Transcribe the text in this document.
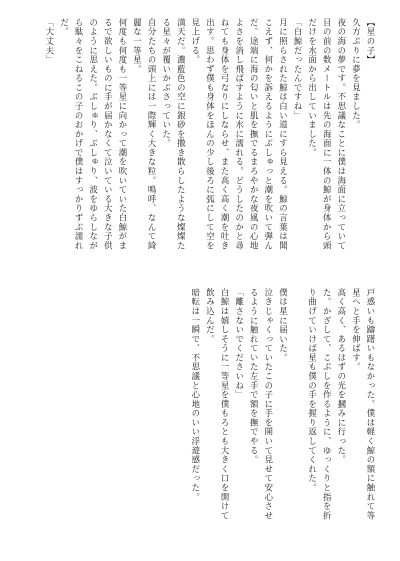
【星の子】

久方ぶりに夢を見ました。

夜の海の夢です。不思議なことに僕は海面に立っていて目の前の数メートルは先の海面に一体の鯨が身体から頭だけを水面から出していました。

「白鯨だったんですね」

月に照らされた鯨は白い道にすら見える。鯨の言葉は聞こえず、何かを訴えるようにぶしゅっと潮を吹いて弾んだ。途端に海の匂いと肌を撫でるまろやかな夜風の心地よさを消し飛ばすように水に濡れる。どうしたのかと尋ねても身体を弓なりにしならせ、また高く高く潮を吐き出す。思わず僕も身体をほんの少し後ろに弧にして空を見上げる。

満天だ。濃藍色の空に銀砂を撒き散らしたような燦燦たる星々が覆いかぶさっていた。

自分たちの頭上には一際輝く大きな粒。鳴呼、なんて綺麗な一等星。

何度も何度も一等星に向かって潮を吹いていた白鯨がまるで欲しいものに手が届かなくて泣いている大きな子供のように思えた。ぶしゅり、ぶしゅり、波をゆらしながら駄々をこねるこの子のおかげで僕はすっかりずぶ濡れだ。

「大丈夫」

戸惑いも躊躇いもなかった。僕は軽く鯨の額に触れて等星へと手を伸ばす。

高く高く、あるはずの光を摑みに行った。

た。かざして、こぶしを作るように、ゆっくりと指を折り曲げていけば星も僕の手を握り返してくれた。

僕は星に届いた。

泣きじゃくっていたこの子に手を開いて見せて安心させるように触れていた左手で額を撫でやる。

「離さないでくださいね」

白鯨は嬉しそうに一等星を僕もろとも大きく口を開けて飲み込んだ。

暗転は一瞬で、不思議と心地のいい浮遊感だった。
